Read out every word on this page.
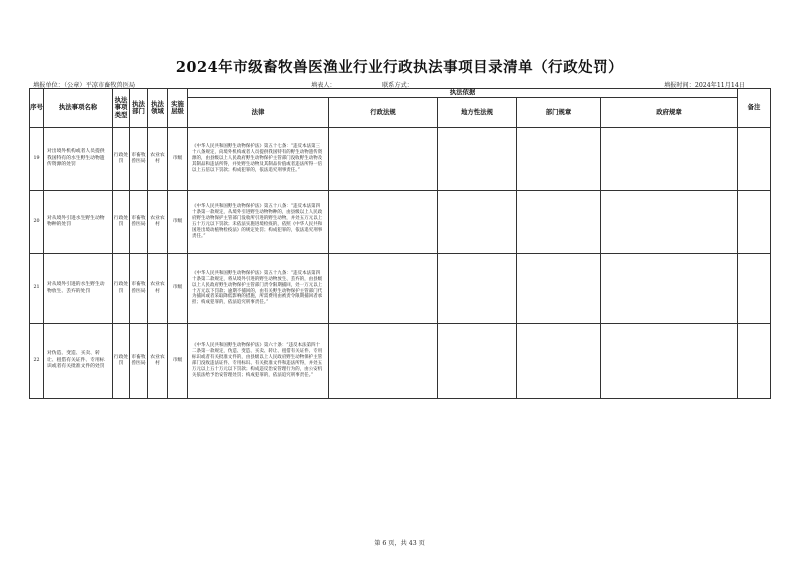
2024年市级畜牧兽医渔业行业行政执法事项目录清单（行政处罚）
填报单位：（公章）平凉市畜牧兽医局	填表人：	联系方式：	填报时间：2024年11月14日
序号	执法事项名称	执法事项类型	执法部门	执法领域	实施层级	执法依据					备注
						法律	行政法规	地方性法规	部门规章	政府规章	
19	对出境外机构或者人员提供我国特有的水生野生动物遗传资源的处罚	行政处罚	市畜牧兽医局	农业农村	市级	《中华人民共和国野生动物保护法》第五十七条：“违反本法第三十八条规定，向境外机构或者人员提供我国特有的野生动物遗传资源的，由县级以上人民政府野生动物保护主管部门没收野生动物及其制品和违法所得，并处野生动物及其制品价值或者违法所得一倍以上五倍以下罚款；构成犯罪的，依法追究刑事责任。”					
20	对从境外引进水生野生动物物种的处罚	行政处罚	市畜牧兽医局	农业农村	市级	《中华人民共和国野生动物保护法》第五十八条：“违反本法第四十条第一款规定，从境外引进野生动物物种的，由县级以上人民政府野生动物保护主管部门没收所引进的野生动物，并处五万元以上五十万元以下罚款；未依法实施进境检疫的，依照《中华人民共和国进出境动植物检疫法》的规定处罚；构成犯罪的，依法追究刑事责任。”					
21	对从境外引进的水生野生动物放生、丢弃的处罚	行政处罚	市畜牧兽医局	农业农村	市级	《中华人民共和国野生动物保护法》第五十九条：“违反本法第四十条第二款规定，将从境外引进的野生动物放生、丢弃的，由县级以上人民政府野生动物保护主管部门责令限期捕回，处一万元以上十万元以下罚款；逾期不捕回的，由有关野生动物保护主管部门代为捕回或者采取降低影响的措施，所需费用由被责令限期捕回者承担；构成犯罪的，依法追究刑事责任。”					
22	对伪造、变造、买卖、转让、租借有关证件、专用标识或者有关批准文件的处罚	行政处罚	市畜牧兽医局	农业农村	市级	《中华人民共和国野生动物保护法》第六十条：“违反本法第四十二条第一款规定，伪造、变造、买卖、转让、租借有关证件、专用标识或者有关批准文件的，由县级以上人民政府野生动物保护主管部门没收违法证件、专用标识、有关批准文件和违法所得，并处五万元以上五十万元以下罚款；构成违反治安管理行为的，由公安机关依法给予治安管理处罚；构成犯罪的，依法追究刑事责任。”					
第 6 页，共 43 页
